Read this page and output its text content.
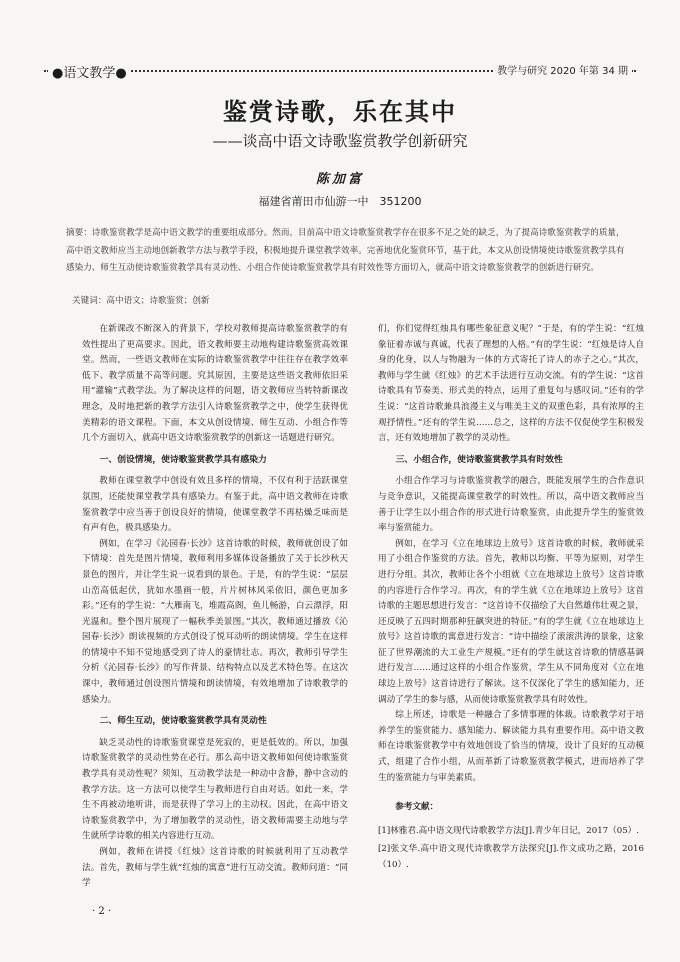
●语文教学●	教学与研究 2020 年第 34 期
鉴赏诗歌，乐在其中
——谈高中语文诗歌鉴赏教学创新研究
陈加富
福建省莆田市仙游一中　351200
摘要：诗歌鉴赏教学是高中语文教学的重要组成部分。然而，目前高中语文诗歌鉴赏教学存在很多不足之处的缺乏，为了提高诗歌鉴赏教学的质量，高中语文教师应当主动地创新教学方法与教学手段，积极地提升课堂教学效率。完善地优化鉴赏环节，基于此，本文从创设情境使诗歌鉴赏教学具有感染力、师生互动使诗歌鉴赏教学具有灵动性、小组合作使诗歌鉴赏教学具有时效性等方面切入，就高中语文诗歌鉴赏教学的创新进行研究。
关键词：高中语文；诗歌鉴赏；创新

在新课改不断深入的背景下，学校对教师提高诗歌鉴赏教学的有效性提出了更高要求。因此，语文教师要主动地构建诗歌鉴赏高效课堂。然而，一些语文教师在实际的诗歌鉴赏教学中往往存在教学效率低下、教学质量不高等问题。究其原因，主要是这些语文教师依旧采用“灌输”式教学法。为了解决这样的问题，语文教师应当转特新课改理念，及时地把新的教学方法引入诗歌鉴赏教学之中，使学生获得优美精彩的语文课程。下面，本文从创设情境、师生互动、小组合作等几个方面切入，就高中语文诗歌鉴赏教学的创新这一话题进行研究。

一、创设情境，使诗歌鉴赏教学具有感染力

教师在课堂教学中创设有效且多样的情境，不仅有利于活跃课堂氛围，还能使课堂教学具有感染力。有鉴于此，高中语文教师在诗歌鉴赏教学中应当善于创设良好的情境，使课堂教学不再枯燥乏味而是有声有色，极具感染力。

例如，在学习《沁园春·长沙》这首诗歌的时候，教师就创设了如下情境：首先是图片情境，教师利用多媒体设备播放了关于长沙秋天景色的图片，并让学生说一说看到的景色。于是，有的学生说：“层层山峦高低起伏，犹如水墨画一般，片片树林风采依旧，颜色更加多彩。”还有的学生说：“大雁南飞，堆霞高阁，鱼儿畅游，白云漂浮，阳光温和。整个图片展现了一幅秋季美景图。”其次，教师通过播放《沁园春·长沙》朗读视频的方式创设了悦耳动听的朗读情境。学生在这样的情境中不知不觉地感受到了诗人的豪情壮志。再次，教师引导学生分析《沁园春·长沙》的写作背景、结构特点以及艺术特色等。在这次课中，教师通过创设图片情境和朗读情境，有效地增加了诗歌教学的感染力。

二、师生互动，使诗歌鉴赏教学具有灵动性

缺乏灵动性的诗歌鉴赏课堂是死寂的，更是低效的。所以，加强诗歌鉴赏教学的灵动性势在必行。那么高中语文教师如何使诗歌鉴赏教学具有灵动性呢？须知，互动教学法是一种动中含静，静中含动的教学方法。这一方法可以使学生与教师进行自由对话。如此一来，学生不再被动地听讲，而是获得了学习上的主动权。因此，在高中语文诗歌鉴赏教学中，为了增加教学的灵动性，语文教师需要主动地与学生就所学诗歌的相关内容进行互动。

例如，教师在讲授《红烛》这首诗歌的时候就利用了互动教学法。首先，教师与学生就“红烛的寓意”进行互动交流。教师问道：“同学

们，你们觉得红烛具有哪些象征意义呢？”于是，有的学生说：“红烛象征着赤诚与真诚，代表了理想的人格。”有的学生说：“红烛是诗人自身的化身，以人与物融为一体的方式寄托了诗人的赤子之心。”其次，教师与学生就《红烛》的艺术手法进行互动交流。有的学生说：“这首诗歌具有节奏美、形式美的特点，运用了重复句与感叹词。”还有的学生说：“这首诗歌兼具浪漫主义与唯美主义的双重色彩，具有浓厚的主观抒情性。”还有的学生说……总之，这样的方法不仅促使学生积极发言，还有效地增加了教学的灵动性。

三、小组合作，使诗歌鉴赏教学具有时效性

小组合作学习与诗歌鉴赏教学的融合，既能发展学生的合作意识与竞争意识，又能提高课堂教学的时效性。所以，高中语文教师应当善于让学生以小组合作的形式进行诗歌鉴赏，由此提升学生的鉴赏效率与鉴赏能力。

例如，在学习《立在地球边上放号》这首诗歌的时候，教师就采用了小组合作鉴赏的方法。首先，教师以均衡、平等为原则，对学生进行分组。其次，教师让各个小组就《立在地球边上放号》这首诗歌的内容进行合作学习。再次，有的学生就《立在地球边上放号》这首诗歌的主题思想进行发言：“这首诗不仅描绘了大自然雄伟壮观之景，还反映了五四时期那种狂飙突进的特征。”有的学生就《立在地球边上放号》这首诗歌的寓意进行发言：“诗中描绘了滚滚洪涛的景象，这象征了世界潮流的大工业生产规模。”还有的学生就这首诗歌的情感基调进行发言……通过这样的小组合作鉴赏，学生从不同角度对《立在地球边上放号》这首诗进行了解读。这不仅深化了学生的感知能力，还调动了学生的参与感，从而使诗歌鉴赏教学具有时效性。

综上所述，诗歌是一种融合了多情事理的体裁。诗歌教学对于培养学生的鉴赏能力、感知能力、解读能力具有重要作用。高中语文教师在诗歌鉴赏教学中有效地创设了恰当的情境，设计了良好的互动模式，组建了合作小组，从而革新了诗歌鉴赏教学模式，进而培养了学生的鉴赏能力与审美素质。

参考文献：

[1]林雅君.高中语文现代诗歌教学方法[J].青少年日记，2017（05）.

[2]张文华.高中语文现代诗歌教学方法探究[J].作文成功之路，2016（10）.

· 2 ·
